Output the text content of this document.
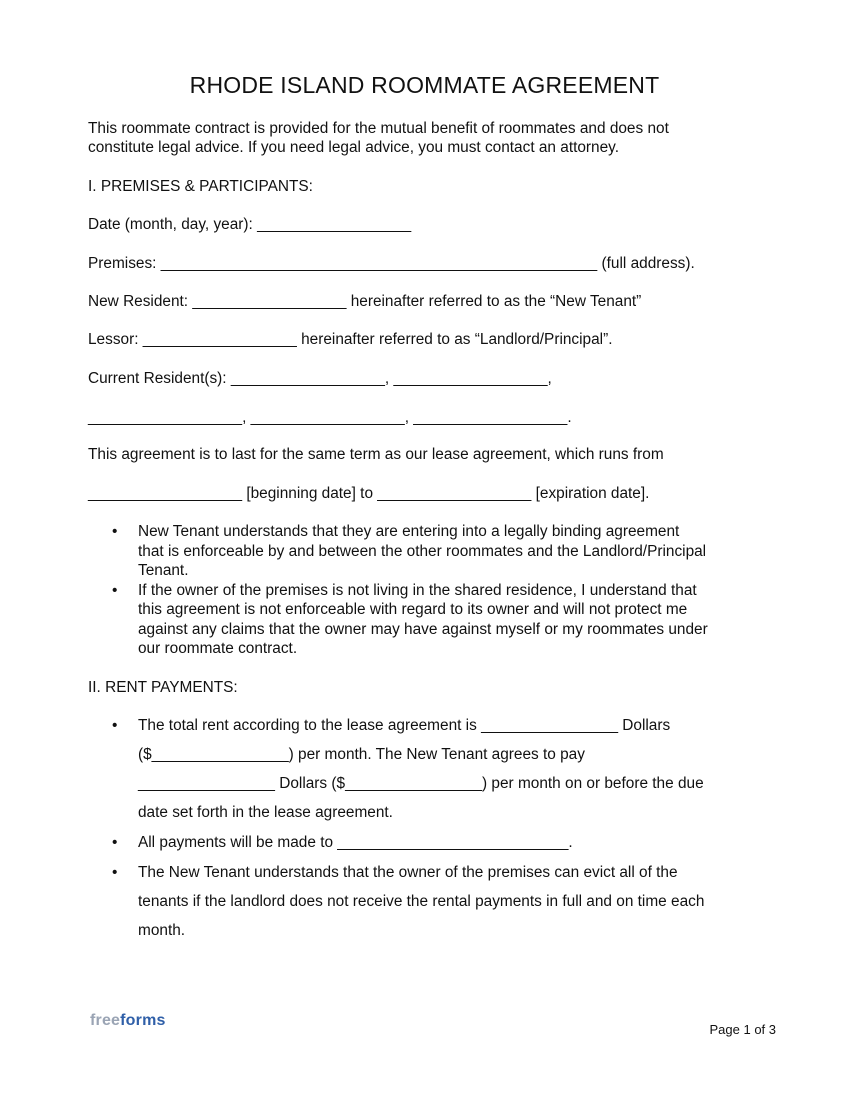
RHODE ISLAND ROOMMATE AGREEMENT
This roommate contract is provided for the mutual benefit of roommates and does not
constitute legal advice. If you need legal advice, you must contact an attorney.
I. PREMISES & PARTICIPANTS:
Date (month, day, year): __________________
Premises: ___________________________________________________ (full address).
New Resident: __________________ hereinafter referred to as the “New Tenant”
Lessor: __________________ hereinafter referred to as “Landlord/Principal”.
Current Resident(s): __________________, __________________,
__________________, __________________, __________________.
This agreement is to last for the same term as our lease agreement, which runs from
__________________ [beginning date] to __________________ [expiration date].
• New Tenant understands that they are entering into a legally binding agreement
that is enforceable by and between the other roommates and the Landlord/Principal
Tenant.
• If the owner of the premises is not living in the shared residence, I understand that
this agreement is not enforceable with regard to its owner and will not protect me
against any claims that the owner may have against myself or my roommates under
our roommate contract.
II. RENT PAYMENTS:
• The total rent according to the lease agreement is ________________ Dollars
($________________) per month. The New Tenant agrees to pay
________________ Dollars ($________________) per month on or before the due
date set forth in the lease agreement.
• All payments will be made to ___________________________.
• The New Tenant understands that the owner of the premises can evict all of the
tenants if the landlord does not receive the rental payments in full and on time each
month.
freeforms
Page 1 of 3
